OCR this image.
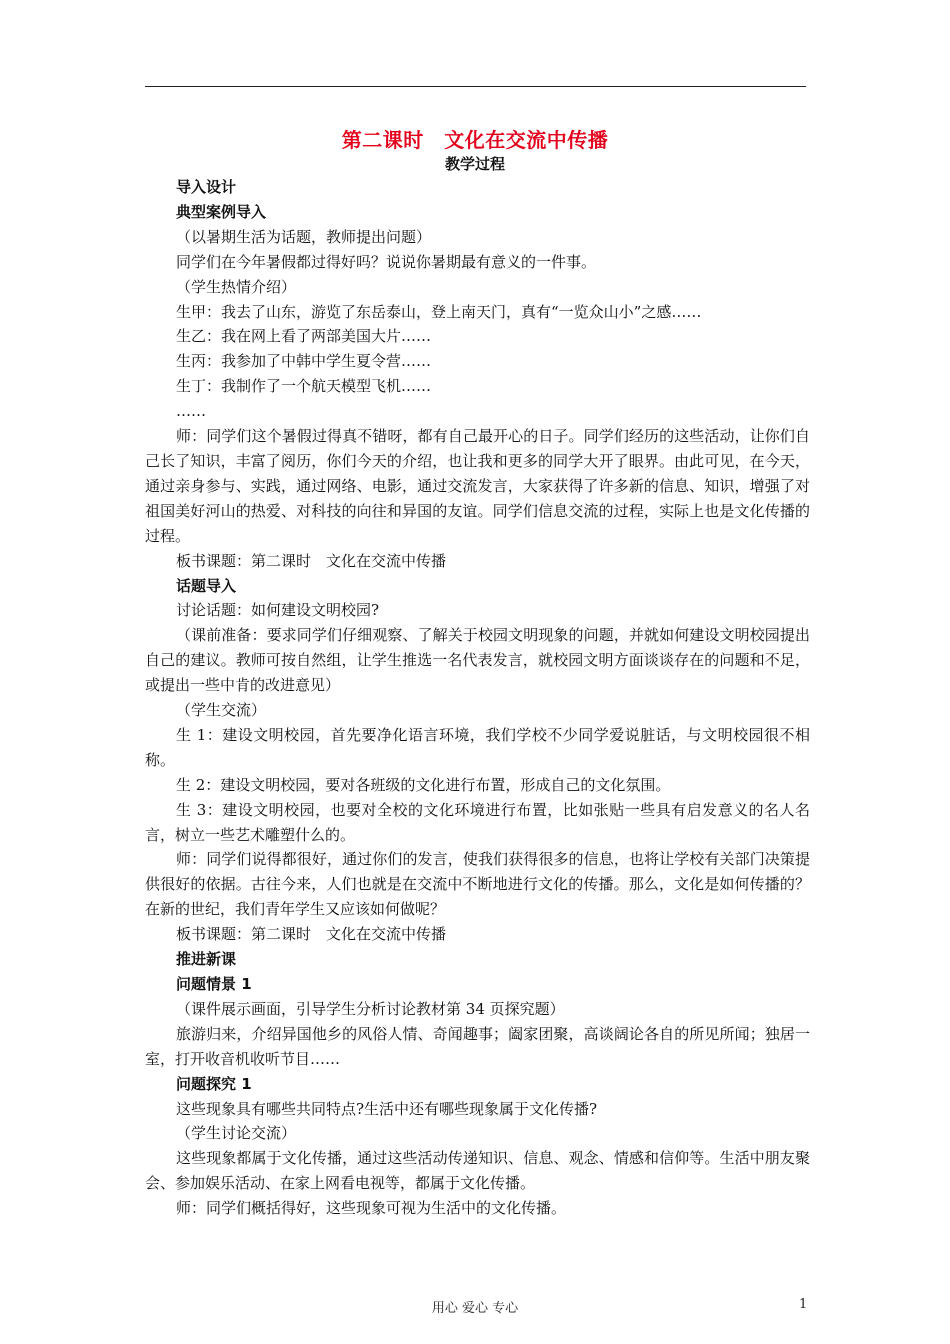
第二课时　文化在交流中传播
教学过程

导入设计

典型案例导入

（以暑期生活为话题，教师提出问题）

同学们在今年暑假都过得好吗？说说你暑期最有意义的一件事。

（学生热情介绍）

生甲：我去了山东，游览了东岳泰山，登上南天门，真有“一览众山小”之感……

生乙：我在网上看了两部美国大片……

生丙：我参加了中韩中学生夏令营……

生丁：我制作了一个航天模型飞机……

……

师：同学们这个暑假过得真不错呀，都有自己最开心的日子。同学们经历的这些活动，让你们自己长了知识，丰富了阅历，你们今天的介绍，也让我和更多的同学大开了眼界。由此可见，在今天，通过亲身参与、实践，通过网络、电影，通过交流发言，大家获得了许多新的信息、知识，增强了对祖国美好河山的热爱、对科技的向往和异国的友谊。同学们信息交流的过程，实际上也是文化传播的过程。

板书课题：第二课时　文化在交流中传播

话题导入

讨论话题：如何建设文明校园?

（课前准备：要求同学们仔细观察、了解关于校园文明现象的问题，并就如何建设文明校园提出自己的建议。教师可按自然组，让学生推选一名代表发言，就校园文明方面谈谈存在的问题和不足，或提出一些中肯的改进意见）

（学生交流）

生 1：建设文明校园，首先要净化语言环境，我们学校不少同学爱说脏话，与文明校园很不相称。

生 2：建设文明校园，要对各班级的文化进行布置，形成自己的文化氛围。

生 3：建设文明校园，也要对全校的文化环境进行布置，比如张贴一些具有启发意义的名人名言，树立一些艺术雕塑什么的。

师：同学们说得都很好，通过你们的发言，使我们获得很多的信息，也将让学校有关部门决策提供很好的依据。古往今来，人们也就是在交流中不断地进行文化的传播。那么，文化是如何传播的？在新的世纪，我们青年学生又应该如何做呢？

板书课题：第二课时　文化在交流中传播

推进新课

问题情景 1

（课件展示画面，引导学生分析讨论教材第 34 页探究题）

旅游归来，介绍异国他乡的风俗人情、奇闻趣事；阖家团聚，高谈阔论各自的所见所闻；独居一室，打开收音机收听节目……

问题探究 1

这些现象具有哪些共同特点?生活中还有哪些现象属于文化传播?

（学生讨论交流）

这些现象都属于文化传播，通过这些活动传递知识、信息、观念、情感和信仰等。生活中朋友聚会、参加娱乐活动、在家上网看电视等，都属于文化传播。

师：同学们概括得好，这些现象可视为生活中的文化传播。

用心 爱心 专心	1
